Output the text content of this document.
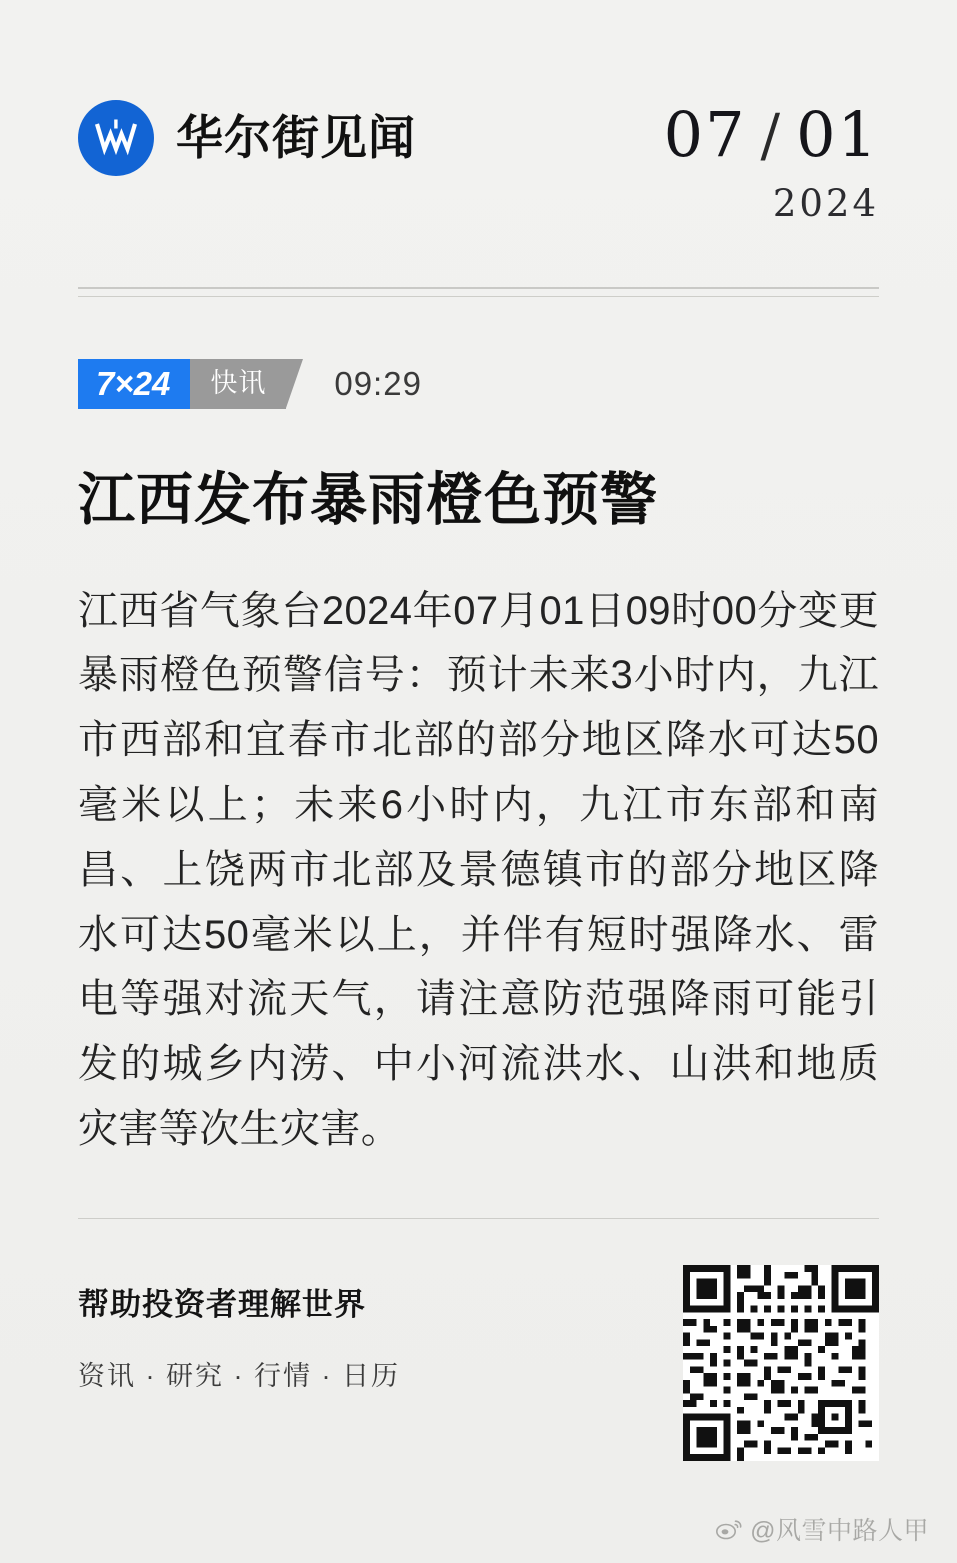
华尔街见闻	07 / 01
2024
7×24	快讯	09:29
江西发布暴雨橙色预警
江西省气象台2024年07月01日09时00分变更暴雨橙色预警信号：预计未来3小时内，九江市西部和宜春市北部的部分地区降水可达50毫米以上；未来6小时内，九江市东部和南昌、上饶两市北部及景德镇市的部分地区降水可达50毫米以上，并伴有短时强降水、雷电等强对流天气，请注意防范强降雨可能引发的城乡内涝、中小河流洪水、山洪和地质灾害等次生灾害。
帮助投资者理解世界
资讯 · 研究 · 行情 · 日历
@风雪中路人甲
